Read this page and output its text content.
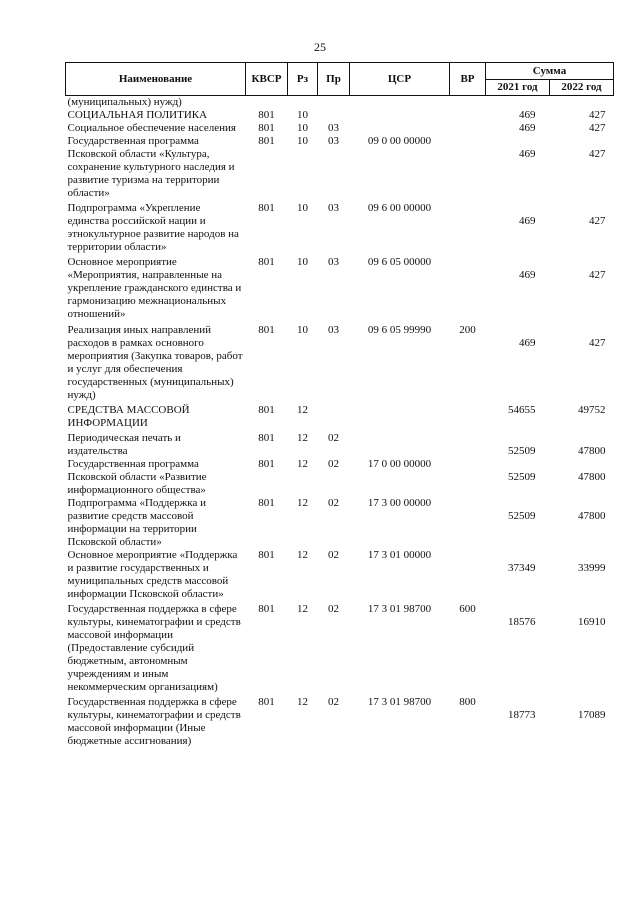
25
Наименование	КВСР	Рз	Пр	ЦСР	ВР	Сумма	
						2021 год	2022 год
(муниципальных) нужд)							
СОЦИАЛЬНАЯ ПОЛИТИКА	801	10				469	427
Социальное обеспечение населения	801	10	03			469	427
Государственная программа Псковской области «Культура, сохранение культурного наследия и развитие туризма на территории области»	801	10	03	09 0 00 00000		469	427
Подпрограмма «Укрепление единства российской нации и этнокультурное развитие народов на территории области»	801	10	03	09 6 00 00000		469	427
Основное мероприятие «Мероприятия, направленные на укрепление гражданского единства и гармонизацию межнациональных отношений»	801	10	03	09 6 05 00000		469	427
Реализация иных направлений расходов в рамках основного мероприятия (Закупка товаров, работ и услуг для обеспечения государственных (муниципальных) нужд)	801	10	03	09 6 05 99990	200	469	427
СРЕДСТВА МАССОВОЙ ИНФОРМАЦИИ	801	12				54655	49752
Периодическая печать и издательства	801	12	02			52509	47800
Государственная программа Псковской области «Развитие информационного общества»	801	12	02	17 0 00 00000		52509	47800
Подпрограмма «Поддержка и развитие средств массовой информации на территории Псковской области»	801	12	02	17 3 00 00000		52509	47800
Основное мероприятие «Поддержка и развитие государственных и муниципальных средств массовой информации Псковской области»	801	12	02	17 3 01 00000		37349	33999
Государственная поддержка в сфере культуры, кинематографии и средств массовой информации (Предоставление субсидий бюджетным, автономным учреждениям и иным некоммерческим организациям)	801	12	02	17 3 01 98700	600	18576	16910
Государственная поддержка в сфере культуры, кинематографии и средств массовой информации (Иные бюджетные ассигнования)	801	12	02	17 3 01 98700	800	18773	17089
